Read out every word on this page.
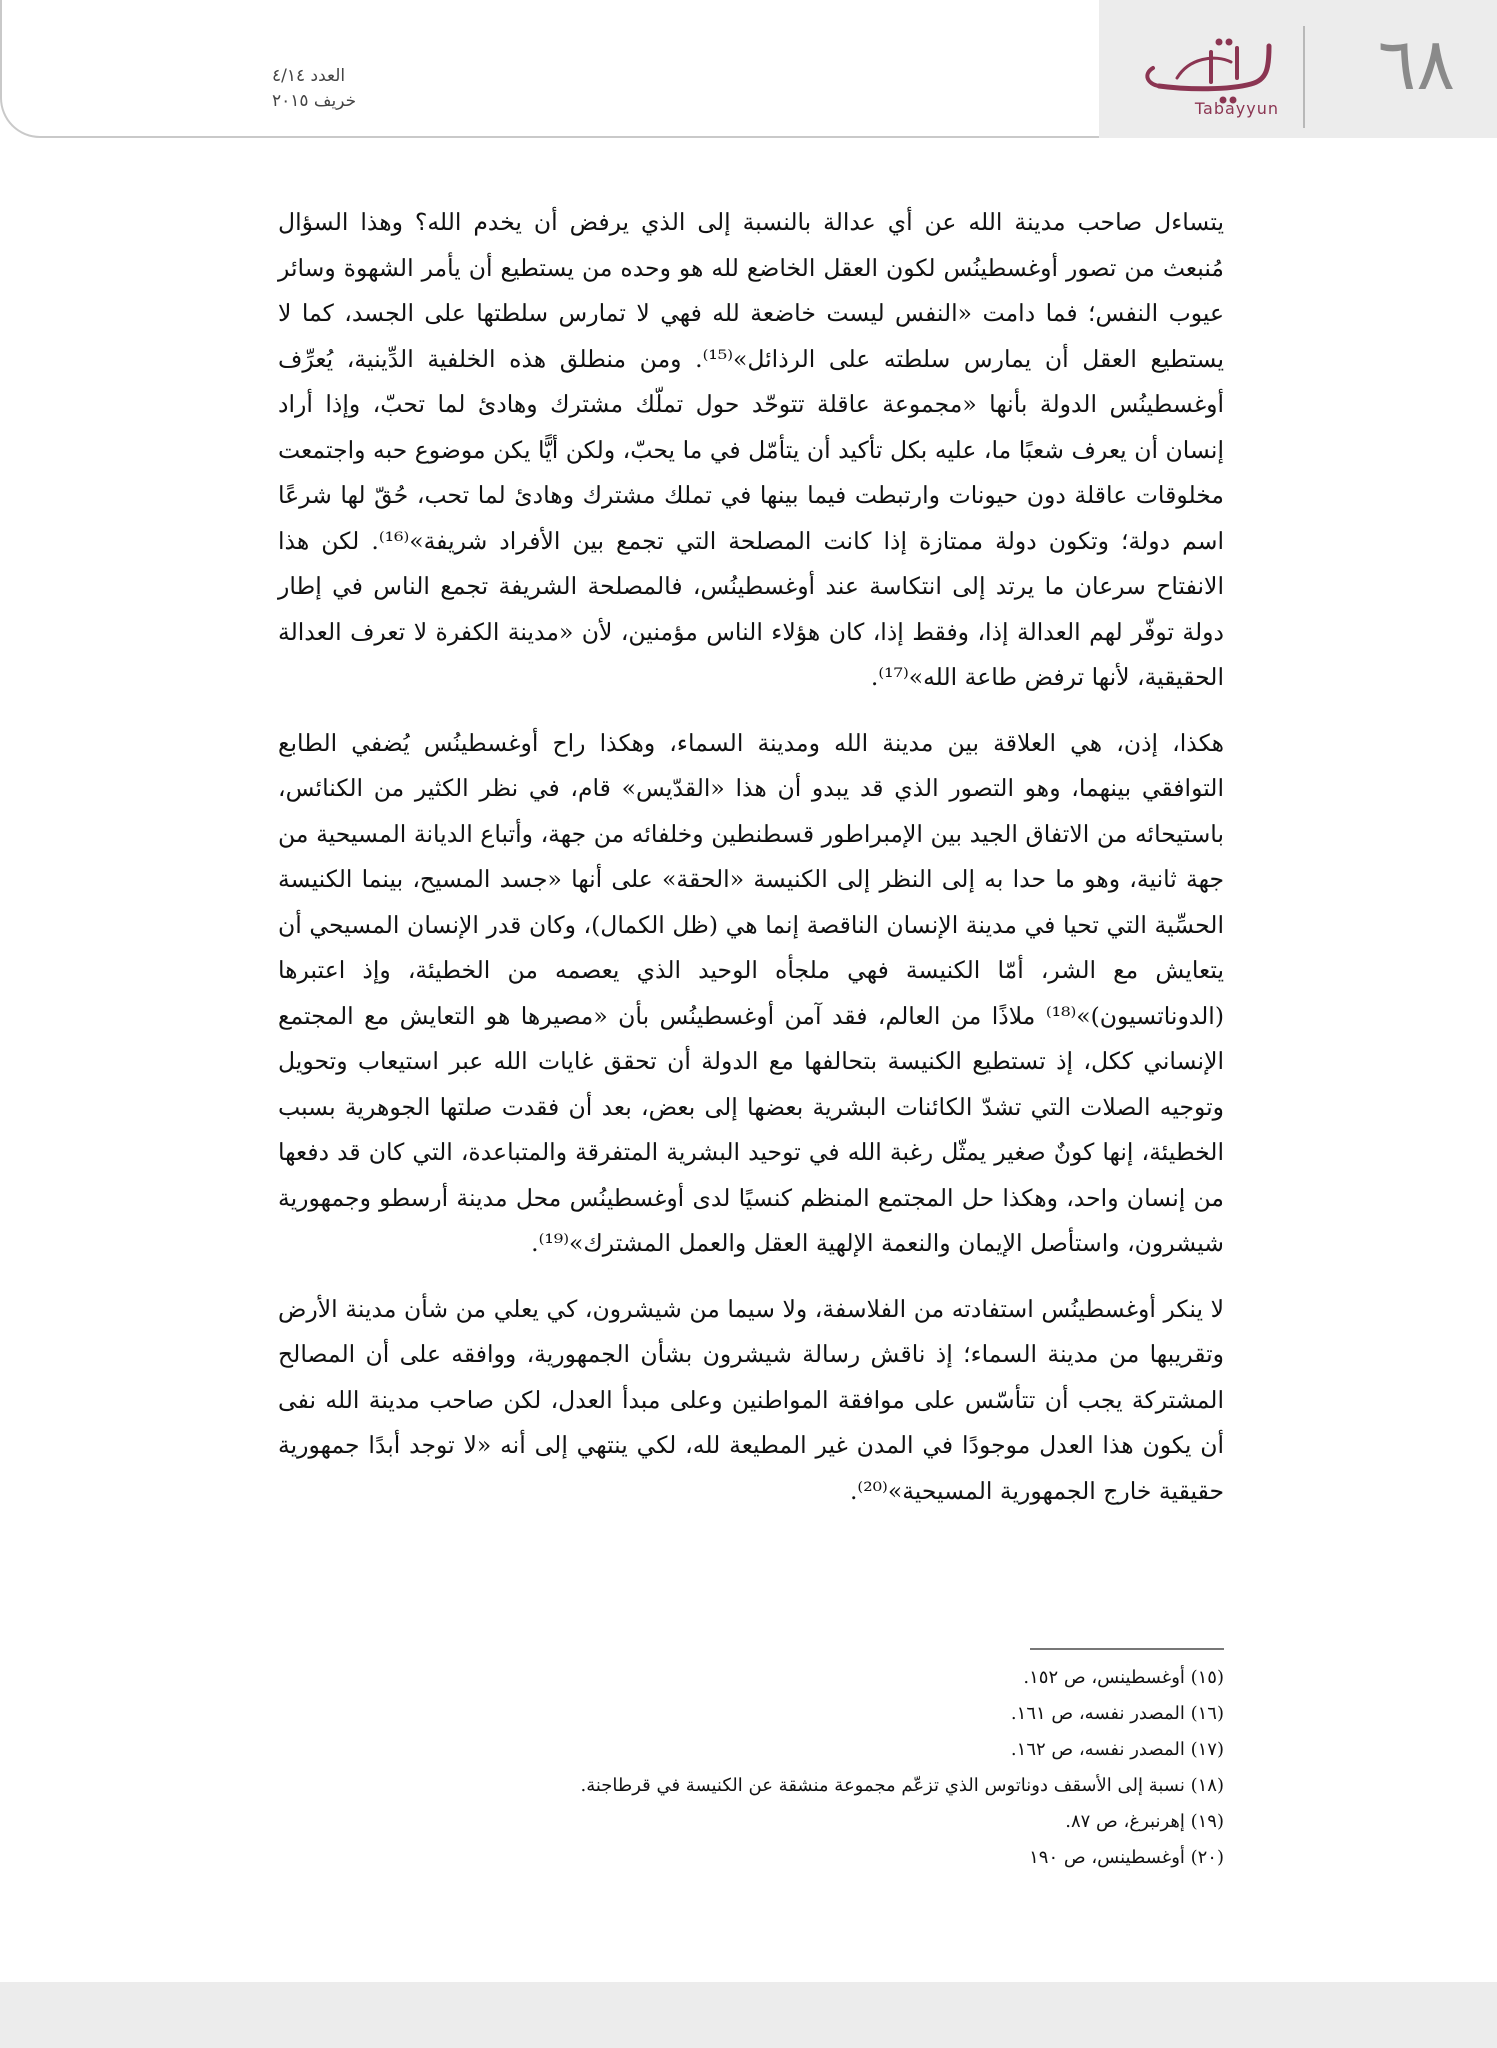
٦٨
Tabayyun
العدد ٤/١٤
خريف ٢٠١٥

يتساءل صاحب مدينة الله عن أي عدالة بالنسبة إلى الذي يرفض أن يخدم الله؟ وهذا السؤال مُنبعث من تصور أوغسطينُس لكون العقل الخاضع لله هو وحده من يستطيع أن يأمر الشهوة وسائر عيوب النفس؛ فما دامت «النفس ليست خاضعة لله فهي لا تمارس سلطتها على الجسد، كما لا يستطيع العقل أن يمارس سلطته على الرذائل»⁽¹⁵⁾. ومن منطلق هذه الخلفية الدِّينية، يُعرِّف أوغسطينُس الدولة بأنها «مجموعة عاقلة تتوحّد حول تملّك مشترك وهادئ لما تحبّ، وإذا أراد إنسان أن يعرف شعبًا ما، عليه بكل تأكيد أن يتأمّل في ما يحبّ، ولكن أيًّا يكن موضوع حبه واجتمعت مخلوقات عاقلة دون حيونات وارتبطت فيما بينها في تملك مشترك وهادئ لما تحب، حُقّ لها شرعًا اسم دولة؛ وتكون دولة ممتازة إذا كانت المصلحة التي تجمع بين الأفراد شريفة»⁽¹⁶⁾. لكن هذا الانفتاح سرعان ما يرتد إلى انتكاسة عند أوغسطينُس، فالمصلحة الشريفة تجمع الناس في إطار دولة توفّر لهم العدالة إذا، وفقط إذا، كان هؤلاء الناس مؤمنين، لأن «مدينة الكفرة لا تعرف العدالة الحقيقية، لأنها ترفض طاعة الله»⁽¹⁷⁾.

هكذا، إذن، هي العلاقة بين مدينة الله ومدينة السماء، وهكذا راح أوغسطينُس يُضفي الطابع التوافقي بينهما، وهو التصور الذي قد يبدو أن هذا «القدّيس» قام، في نظر الكثير من الكنائس، باستيحائه من الاتفاق الجيد بين الإمبراطور قسطنطين وخلفائه من جهة، وأتباع الديانة المسيحية من جهة ثانية، وهو ما حدا به إلى النظر إلى الكنيسة «الحقة» على أنها «جسد المسيح، بينما الكنيسة الحسِّية التي تحيا في مدينة الإنسان الناقصة إنما هي (ظل الكمال)، وكان قدر الإنسان المسيحي أن يتعايش مع الشر، أمّا الكنيسة فهي ملجأه الوحيد الذي يعصمه من الخطيئة، وإذ اعتبرها (الدوناتسيون)»⁽¹⁸⁾ ملاذًا من العالم، فقد آمن أوغسطينُس بأن «مصيرها هو التعايش مع المجتمع الإنساني ككل، إذ تستطيع الكنيسة بتحالفها مع الدولة أن تحقق غايات الله عبر استيعاب وتحويل وتوجيه الصلات التي تشدّ الكائنات البشرية بعضها إلى بعض، بعد أن فقدت صلتها الجوهرية بسبب الخطيئة، إنها كونٌ صغير يمثّل رغبة الله في توحيد البشرية المتفرقة والمتباعدة، التي كان قد دفعها من إنسان واحد، وهكذا حل المجتمع المنظم كنسيًا لدى أوغسطينُس محل مدينة أرسطو وجمهورية شيشرون، واستأصل الإيمان والنعمة الإلهية العقل والعمل المشترك»⁽¹⁹⁾.

لا ينكر أوغسطينُس استفادته من الفلاسفة، ولا سيما من شيشرون، كي يعلي من شأن مدينة الأرض وتقريبها من مدينة السماء؛ إذ ناقش رسالة شيشرون بشأن الجمهورية، ووافقه على أن المصالح المشتركة يجب أن تتأسّس على موافقة المواطنين وعلى مبدأ العدل، لكن صاحب مدينة الله نفى أن يكون هذا العدل موجودًا في المدن غير المطيعة لله، لكي ينتهي إلى أنه «لا توجد أبدًا جمهورية حقيقية خارج الجمهورية المسيحية»⁽²⁰⁾.

(١٥) أوغسطينس، ص ١٥٢.
(١٦) المصدر نفسه، ص ١٦١.
(١٧) المصدر نفسه، ص ١٦٢.
(١٨) نسبة إلى الأسقف دوناتوس الذي تزعّم مجموعة منشقة عن الكنيسة في قرطاجنة.
(١٩) إهرنبرغ، ص ٨٧.
(٢٠) أوغسطينس، ص ١٩٠
